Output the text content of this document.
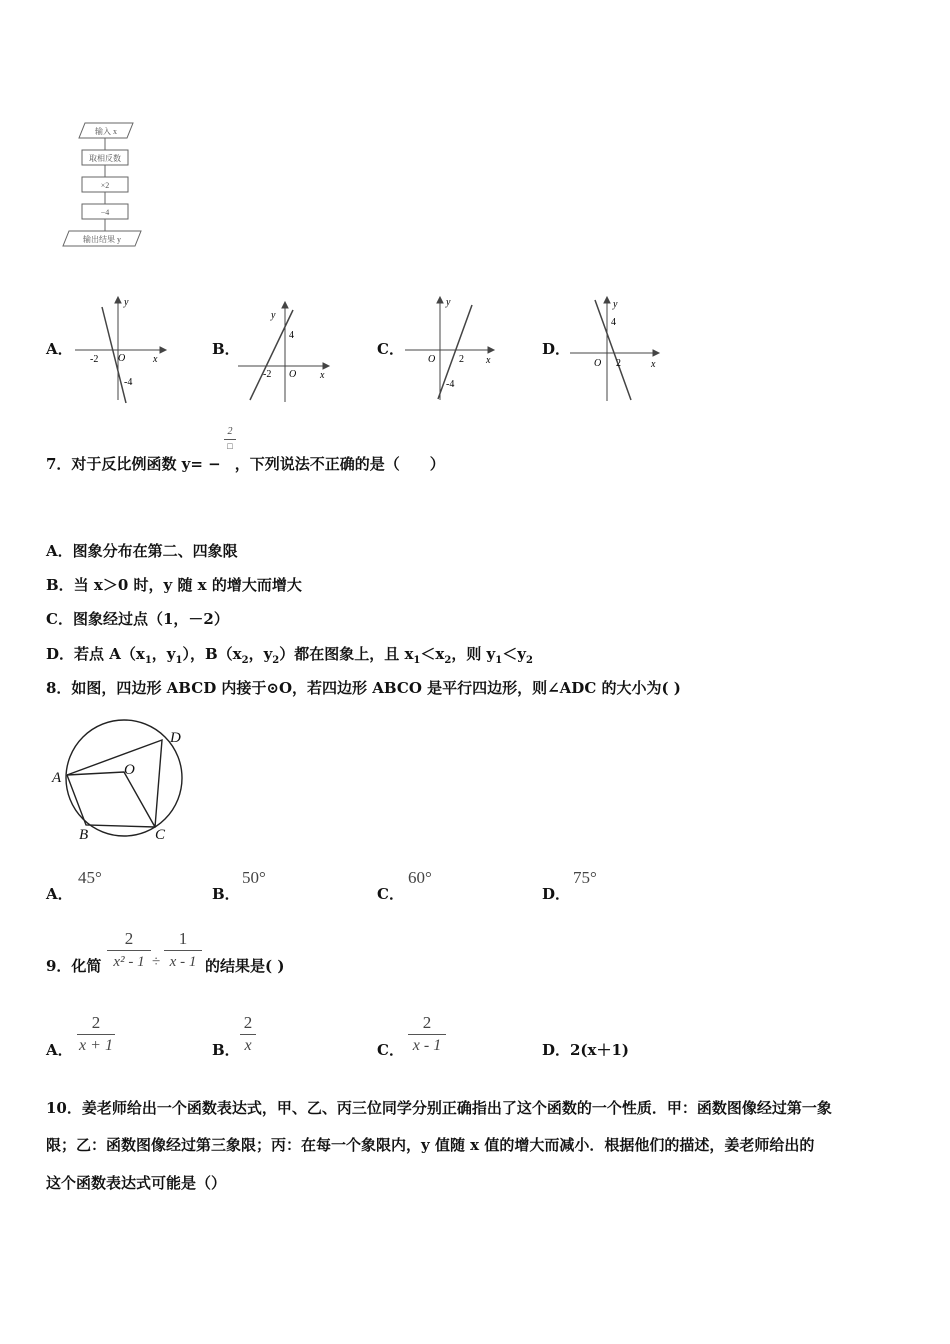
输入 x
取相反数
×2
−4
输出结果 y
A．
y
x
-2 O
-4
B．
y
x
4
-2 O
C．
y
x
O 2
-4
D．
y
x
4
O 2
7．对于反比例函数 y= − ，下列说法不正确的是（　　）
2
□
A．图象分布在第二、四象限
B．当 x＞0 时，y 随 x 的增大而增大
C．图象经过点（1，－2）
D．若点 $A(x_1$，$y_1$），$B(x_2$，$y_2$）都在图象上，且 $x_1<x_2$，则 $y_1<y_2$
8．如图，四边形 ABCD 内接于⊙O，若四边形 ABCO 是平行四边形，则∠ADC 的大小为( )
A
B	C
D
O
A．
45°
B．
50°
C．
60°
D．
75°
9．化简
2
x² - 1 ÷
1
x - 1 的结果是( )
A．
2
x + 1	B．
2
x	C．
2
x - 1	D． 2(x＋1)
10．姜老师给出一个函数表达式，甲、乙、丙三位同学分别正确指出了这个函数的一个性质．甲：函数图像经过第一象
限；乙：函数图像经过第三象限；丙：在每一个象限内，y 值随 x 值的增大而减小．根据他们的描述，姜老师给出的
这个函数表达式可能是（）
